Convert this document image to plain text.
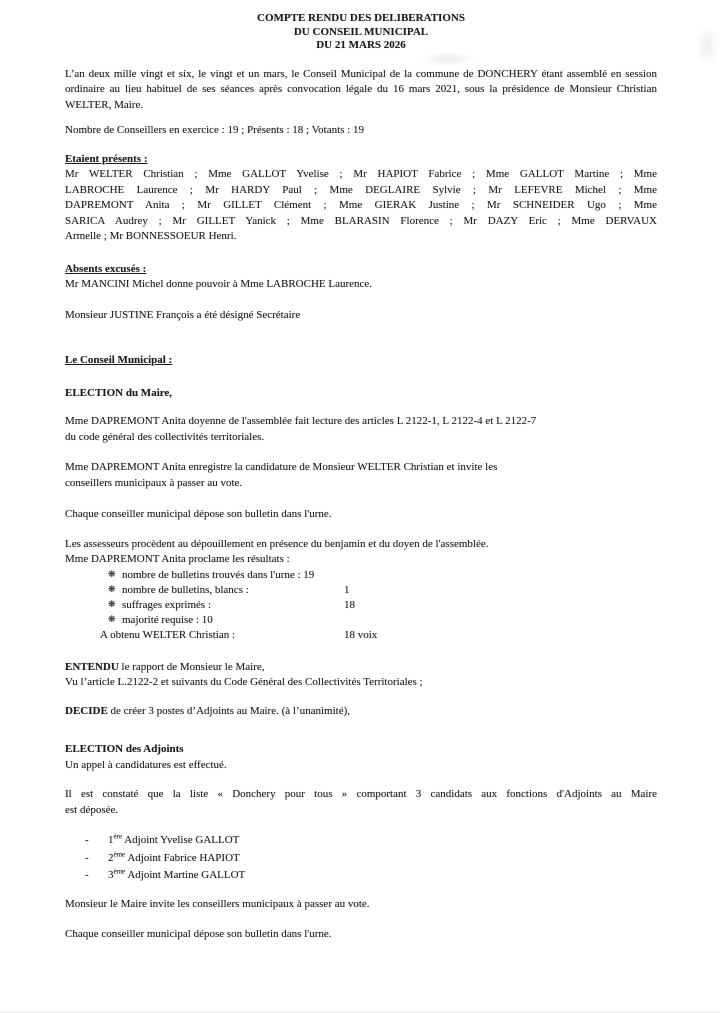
COMPTE RENDU DES DELIBERATIONS
DU CONSEIL MUNICIPAL
DU 21 MARS 2026
L’an deux mille vingt et six, le vingt et un mars, le Conseil Municipal de la commune de DONCHERY étant assemblé en session
ordinaire au lieu habituel de ses séances après convocation légale du 16 mars 2021, sous la présidence de Monsieur Christian
WELTER, Maire.

Nombre de Conseillers en exercice : 19 ; Présents : 18 ; Votants : 19

Etaient présents :

Mr WELTER Christian ; Mme GALLOT Yvelise ; Mr HAPIOT Fabrice ; Mme GALLOT Martine ; Mme
LABROCHE Laurence ; Mr HARDY Paul ; Mme DEGLAIRE Sylvie ; Mr LEFEVRE Michel ; Mme
DAPREMONT Anita ; Mr GILLET Clément ; Mme GIERAK Justine ; Mr SCHNEIDER Ugo ; Mme
SARICA Audrey ; Mr GILLET Yanick ; Mme BLARASIN Florence ; Mr DAZY Eric ; Mme DERVAUX
Armelle ; Mr BONNESSOEUR Henri.

Absents excusés :

Mr MANCINI Michel donne pouvoir à Mme LABROCHE Laurence.

Monsieur JUSTINE François a été désigné Secrétaire

Le Conseil Municipal :

ELECTION du Maire,

Mme DAPREMONT Anita doyenne de l'assemblée fait lecture des articles L 2122-1, L 2122-4 et L 2122-7
du code général des collectivités territoriales.
Mme DAPREMONT Anita enregistre la candidature de Monsieur WELTER Christian et invite les
conseillers municipaux à passer au vote.

Chaque conseiller municipal dépose son bulletin dans l'urne.

Les assesseurs procèdent au dépouillement en présence du benjamin et du doyen de l'assemblée.

Mme DAPREMONT Anita proclame les résultats :

❋ nombre de bulletins trouvés dans l'urne : 19
❋ nombre de bulletins, blancs :	1
❋ suffrages exprimés :	18
❋ majorité requise : 10
A obtenu WELTER Christian :	18 voix

ENTENDU le rapport de Monsieur le Maire,

Vu l’article L.2122-2 et suivants du Code Général des Collectivités Territoriales ;

DECIDE de créer 3 postes d’Adjoints au Maire. (à l’unanimité),

ELECTION des Adjoints

Un appel à candidatures est effectué.

Il est constaté que la liste « Donchery pour tous » comportant 3 candidats aux fonctions d'Adjoints au Maire
est déposée.
- 1ère Adjoint Yvelise GALLOT
- 2ème Adjoint Fabrice HAPIOT
- 3ème Adjoint Martine GALLOT

Monsieur le Maire invite les conseillers municipaux à passer au vote.

Chaque conseiller municipal dépose son bulletin dans l'urne.
